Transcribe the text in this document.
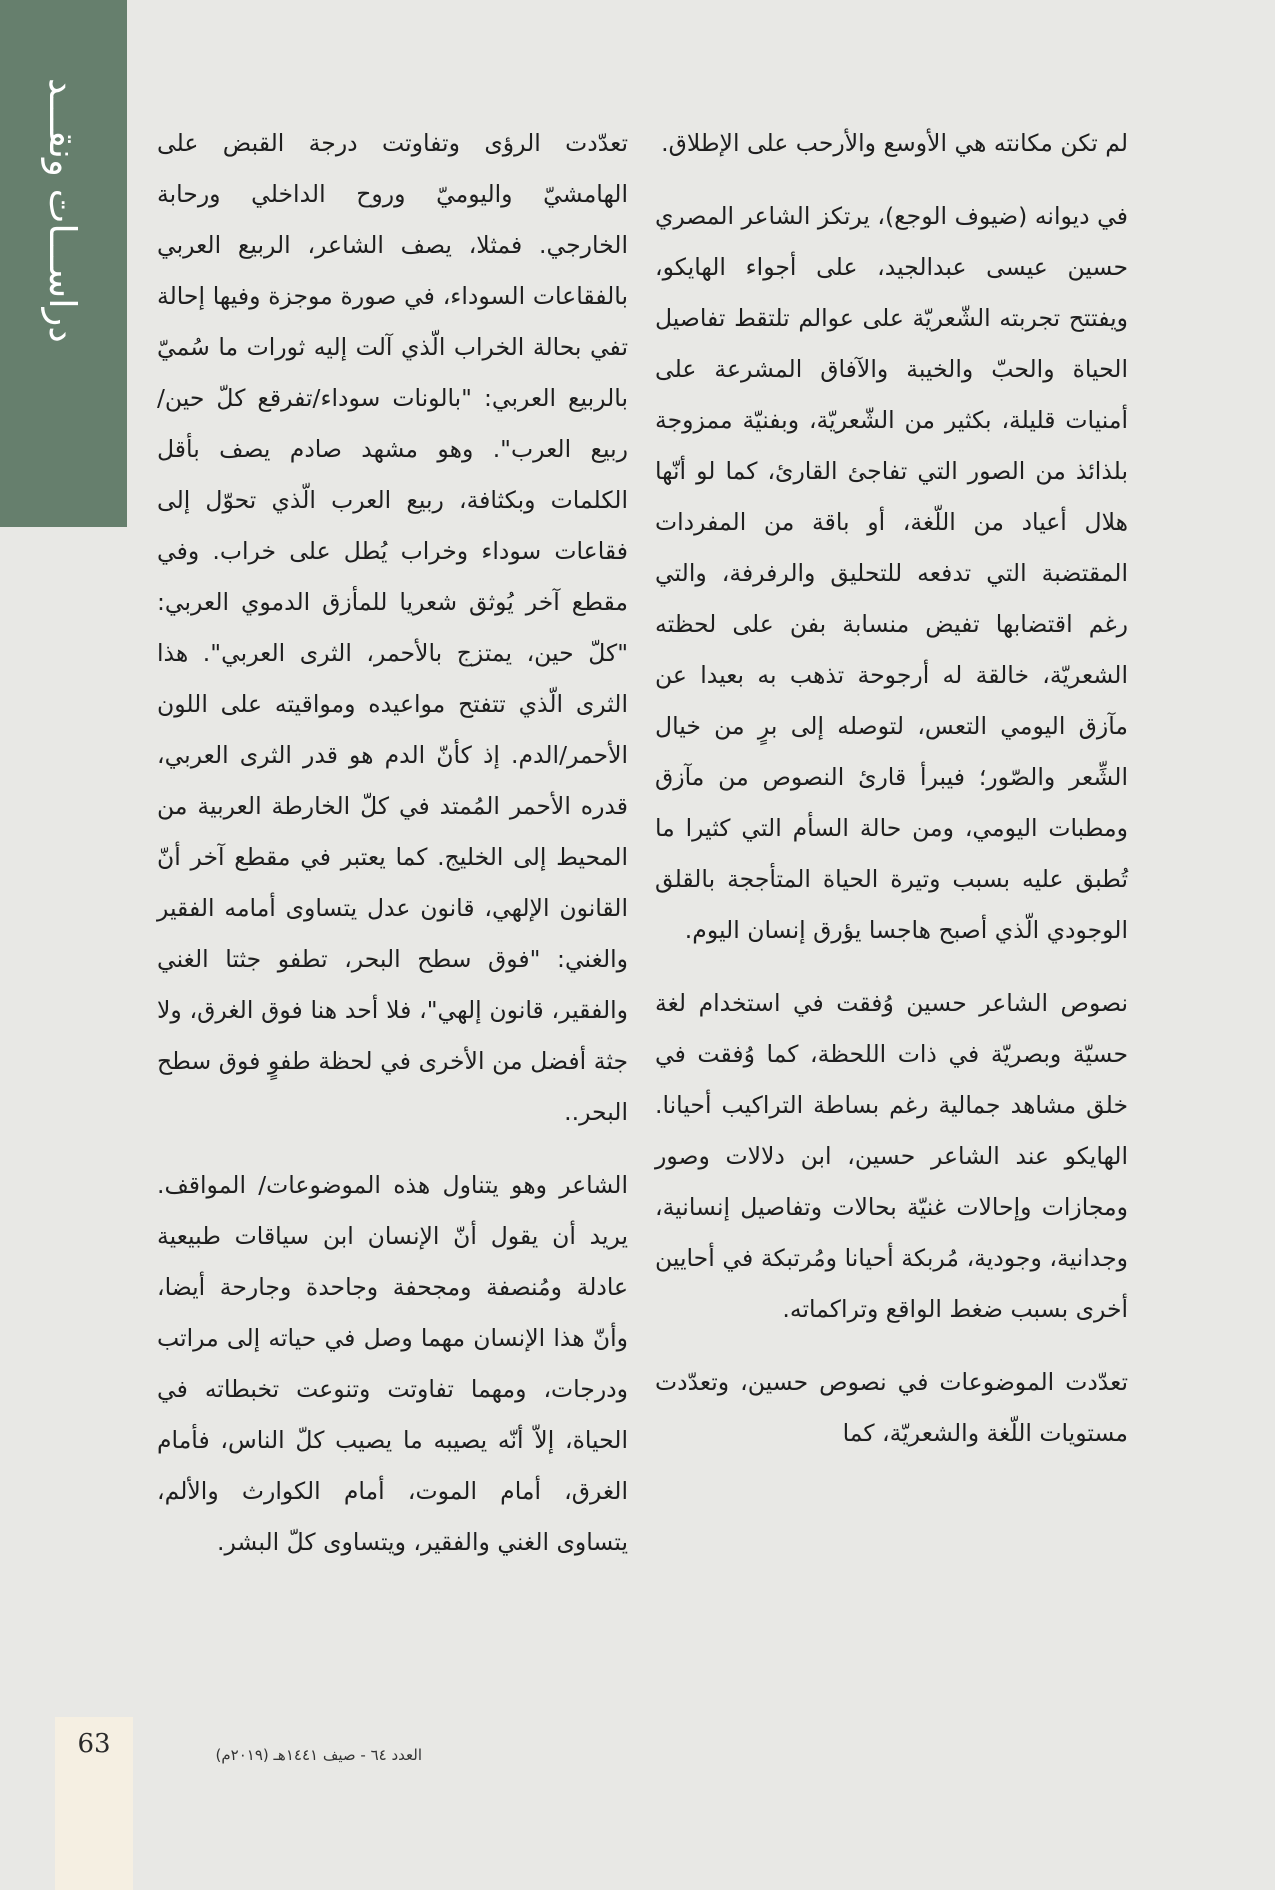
دراســـات ونقـــد	لم تكن مكانته هي الأوسع والأرحب على الإطلاق.

في ديوانه (ضيوف الوجع)، يرتكز الشاعر المصري حسين عيسى عبدالجيد، على أجواء الهايكو، ويفتتح تجربته الشّعريّة على عوالم تلتقط تفاصيل الحياة والحبّ والخيبة والآفاق المشرعة على أمنيات قليلة، بكثير من الشّعريّة، وبفنيّة ممزوجة بلذائذ من الصور التي تفاجئ القارئ، كما لو أنّها هلال أعياد من اللّغة، أو باقة من المفردات المقتضبة التي تدفعه للتحليق والرفرفة، والتي رغم اقتضابها تفيض منسابة بفن على لحظته الشعريّة، خالقة له أرجوحة تذهب به بعيدا عن مآزق اليومي التعس، لتوصله إلى برٍ من خيال الشِّعر والصّور؛ فيبرأ قارئ النصوص من مآزق ومطبات اليومي، ومن حالة السأم التي كثيرا ما تُطبق عليه بسبب وتيرة الحياة المتأججة بالقلق الوجودي الّذي أصبح هاجسا يؤرق إنسان اليوم.

نصوص الشاعر حسين وُفقت في استخدام لغة حسيّة وبصريّة في ذات اللحظة، كما وُفقت في خلق مشاهد جمالية رغم بساطة التراكيب أحيانا. الهايكو عند الشاعر حسين، ابن دلالات وصور ومجازات وإحالات غنيّة بحالات وتفاصيل إنسانية، وجدانية، وجودية، مُربكة أحيانا ومُرتبكة في أحايين أخرى بسبب ضغط الواقع وتراكماته.

تعدّدت الموضوعات في نصوص حسين، وتعدّدت مستويات اللّغة والشعريّة، كما

تعدّدت الرؤى وتفاوتت درجة القبض على الهامشيّ واليوميّ وروح الداخلي ورحابة الخارجي. فمثلا، يصف الشاعر، الربيع العربي بالفقاعات السوداء، في صورة موجزة وفيها إحالة تفي بحالة الخراب الّذي آلت إليه ثورات ما سُميّ بالربيع العربي: "بالونات سوداء/تفرقع كلّ حين/ ربيع العرب". وهو مشهد صادم يصف بأقل الكلمات وبكثافة، ربيع العرب الّذي تحوّل إلى فقاعات سوداء وخراب يُطل على خراب. وفي مقطع آخر يُوثق شعريا للمأزق الدموي العربي: "كلّ حين، يمتزج بالأحمر، الثرى العربي". هذا الثرى الّذي تتفتح مواعيده ومواقيته على اللون الأحمر/الدم. إذ كأنّ الدم هو قدر الثرى العربي، قدره الأحمر المُمتد في كلّ الخارطة العربية من المحيط إلى الخليج. كما يعتبر في مقطع آخر أنّ القانون الإلهي، قانون عدل يتساوى أمامه الفقير والغني: "فوق سطح البحر، تطفو جثتا الغني والفقير، قانون إلهي"، فلا أحد هنا فوق الغرق، ولا جثة أفضل من الأخرى في لحظة طفوٍ فوق سطح البحر..

الشاعر وهو يتناول هذه الموضوعات/ المواقف. يريد أن يقول أنّ الإنسان ابن سياقات طبيعية عادلة ومُنصفة ومجحفة وجاحدة وجارحة أيضا، وأنّ هذا الإنسان مهما وصل في حياته إلى مراتب ودرجات، ومهما تفاوتت وتنوعت تخبطاته في الحياة، إلاّ أنّه يصيبه ما يصيب كلّ الناس، فأمام الغرق، أمام الموت، أمام الكوارث والألم، يتساوى الغني والفقير، ويتساوى كلّ البشر.

63	العدد ٦٤ - صيف ١٤٤١هـ (٢٠١٩م)
